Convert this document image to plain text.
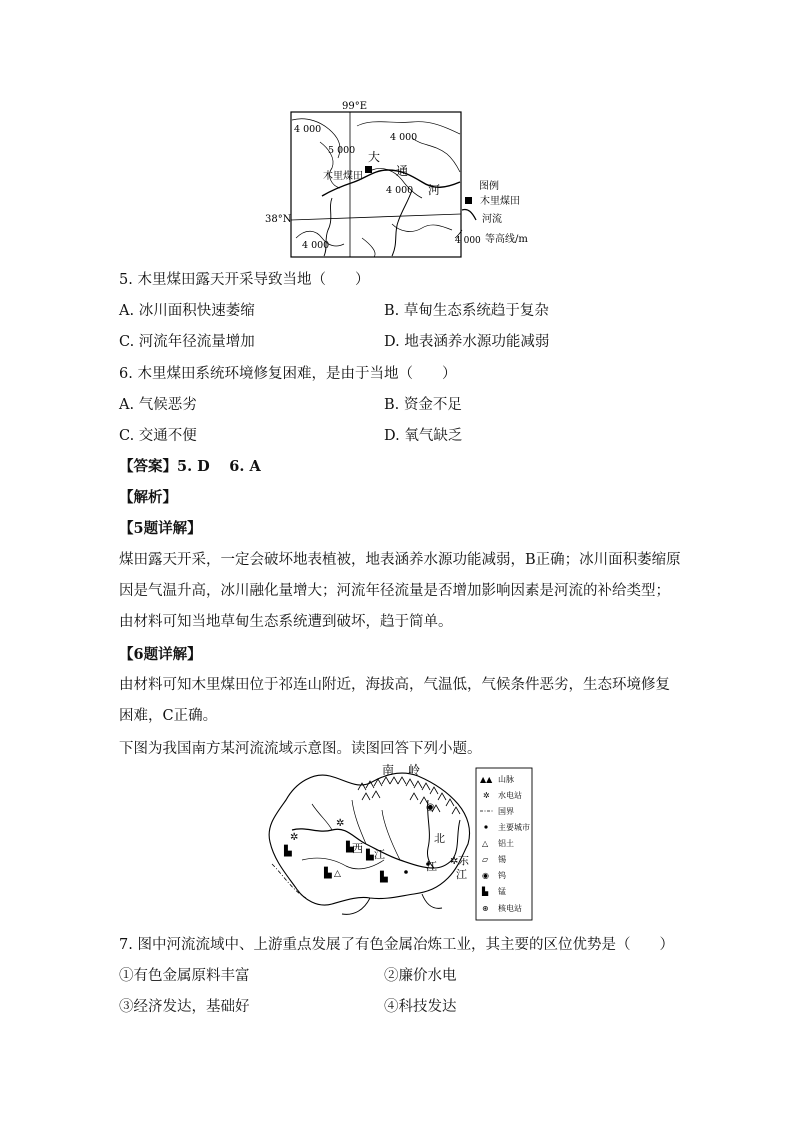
99°E
38°N
4 000
4 000
5 000
4 000
4 000
大
通
河
木里煤田
图例
木里煤田
河流
4 000 等高线/m
5. 木里煤田露天开采导致当地（　　）
A. 冰川面积快速萎缩	B. 草甸生态系统趋于复杂
C. 河流年径流量增加	D. 地表涵养水源功能减弱
6. 木里煤田系统环境修复困难，是由于当地（　　）
A. 气候恶劣	B. 资金不足
C. 交通不便	D. 氧气缺乏
【答案】5. D　 6. A
【解析】
【5题详解】
煤田露天开采，一定会破坏地表植被，地表涵养水源功能减弱，B正确；冰川面积萎缩原因是气温升高，冰川融化量增大；河流年径流量是否增加影响因素是河流的补给类型；由材料可知当地草甸生态系统遭到破坏，趋于简单。
【6题详解】
由材料可知木里煤田位于祁连山附近，海拔高，气温低，气候条件恶劣，生态环境修复困难，C正确。
下图为我国南方某河流流域示意图。读图回答下列小题。
✲
✲
▙	▙
▙
▙	▙
△
◉
✲
南 岭
西 江
北
江 东
江
▲▲ 山脉
✲ 水电站
国界
主要城市
△ 铝土
▱ 锡
◉ 钨
▙ 锰
⊛ 核电站
7. 图中河流流域中、上游重点发展了有色金属冶炼工业，其主要的区位优势是（　　）
①有色金属原料丰富	②廉价水电
③经济发达，基础好	④科技发达
